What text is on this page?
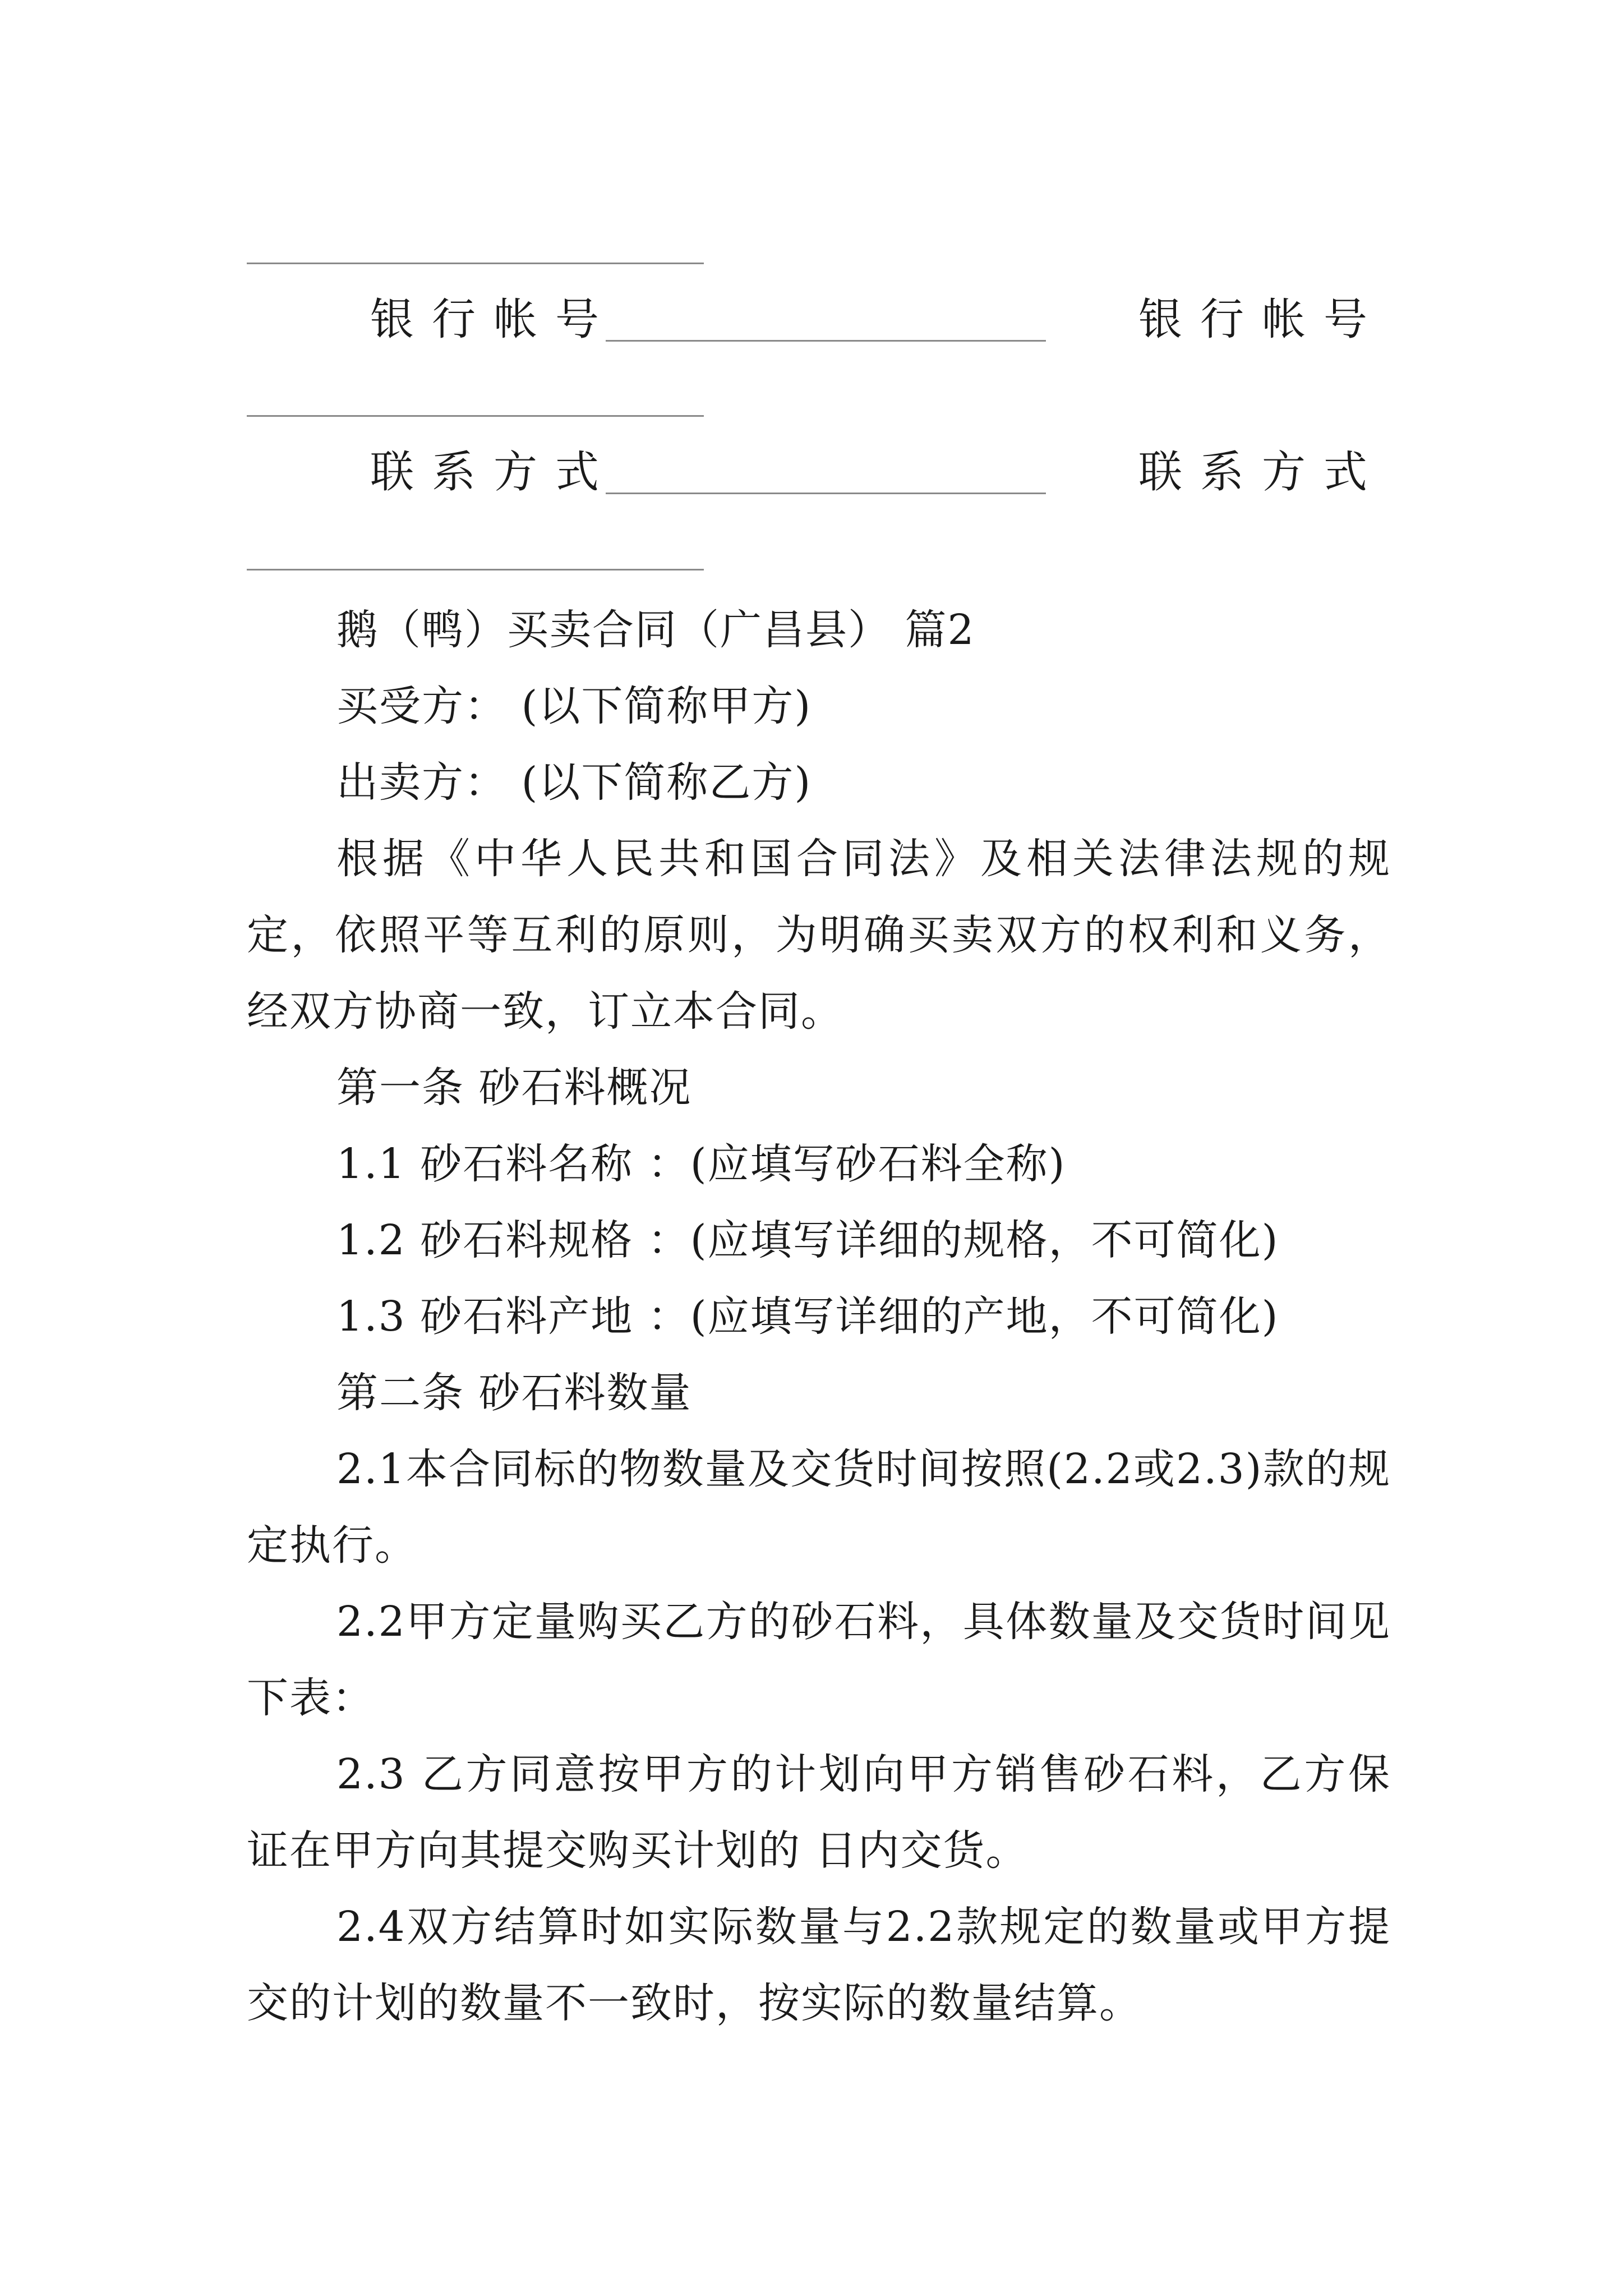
银行帐号	银行帐号
联系方式	联系方式

鹅（鸭）买卖合同（广昌县） 篇2

买受方： (以下简称甲方)

出卖方： (以下简称乙方)

根据《中华人民共和国合同法》及相关法律法规的规定，依照平等互利的原则，为明确买卖双方的权利和义务，经双方协商一致，订立本合同。

第一条 砂石料概况

1.1 砂石料名称 ：(应填写砂石料全称)

1.2 砂石料规格 ：(应填写详细的规格，不可简化)

1.3 砂石料产地 ：(应填写详细的产地，不可简化)

第二条 砂石料数量

2.1本合同标的物数量及交货时间按照(2.2或2.3)款的规定执行。

2.2甲方定量购买乙方的砂石料，具体数量及交货时间见下表：

2.3 乙方同意按甲方的计划向甲方销售砂石料，乙方保证在甲方向其提交购买计划的 日内交货。

2.4双方结算时如实际数量与2.2款规定的数量或甲方提交的计划的数量不一致时，按实际的数量结算。
